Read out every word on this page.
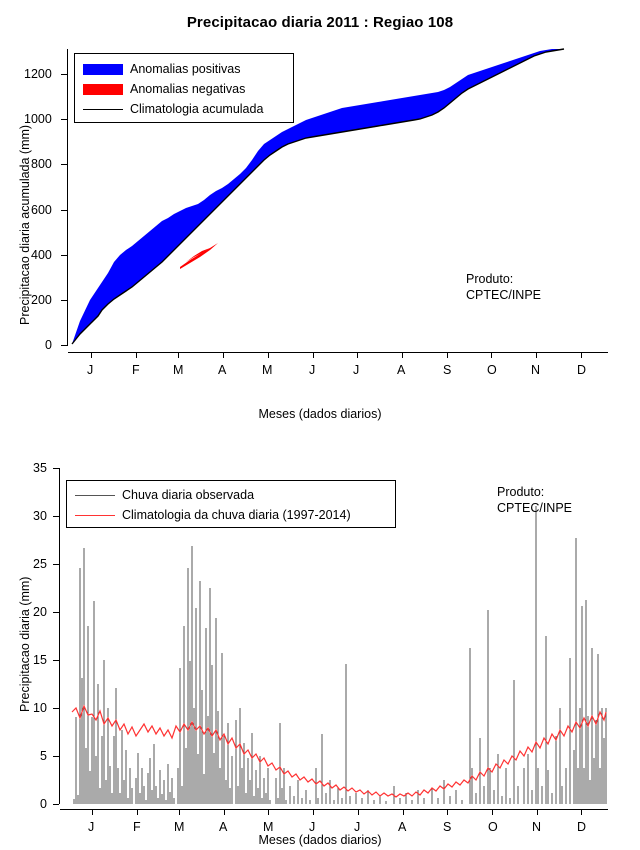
Precipitacao diaria 2011 : Regiao 108
Precipitacao diaria acumulada (mm)
0
200
400
600
800
1000
1200
J	F	M	A	M	J	J	A	S	O	N	D
Meses (dados diarios)
Anomalias positivas
Anomalias negativas
Climatologia acumulada
Produto:
CPTEC/INPE
Precipitacao diaria (mm)
0
5
10
15
20
25
30
35
J	F	M	A	M	J	J	A	S	O	N	D
Meses (dados diarios)
Chuva diaria observada
Climatologia da chuva diaria (1997-2014)
Produto:
CPTEC/INPE
